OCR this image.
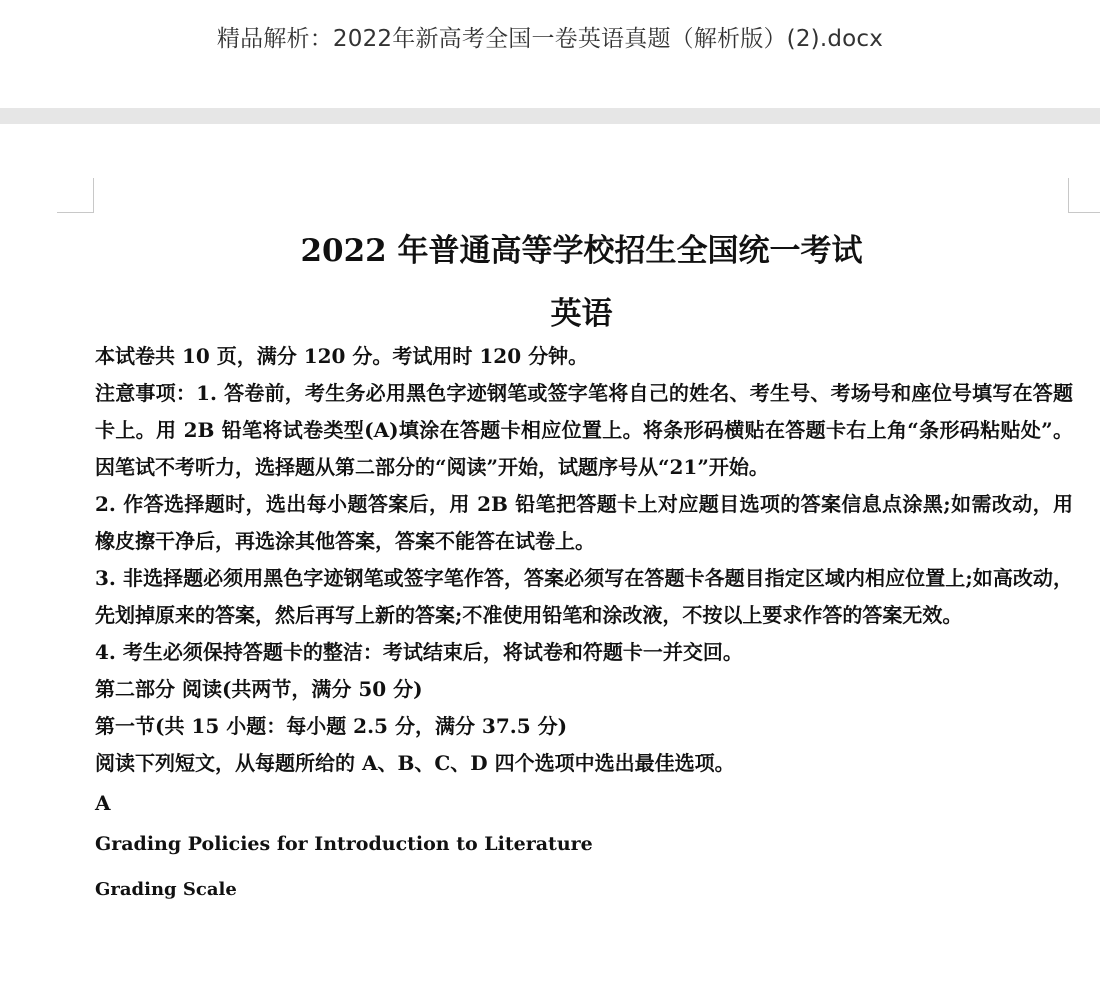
精品解析：2022年新高考全国一卷英语真题（解析版）(2).docx
2022 年普通高等学校招生全国统一考试
英语

本试卷共 10 页，满分 120 分。考试用时 120 分钟。

注意事项：1. 答卷前，考生务必用黑色字迹钢笔或签字笔将自己的姓名、考生号、考场号和座位号填写在答题卡上。用 2B 铅笔将试卷类型(A)填涂在答题卡相应位置上。将条形码横贴在答题卡右上角“条形码粘贴处”。因笔试不考听力，选择题从第二部分的“阅读”开始，试题序号从“21”开始。

2. 作答选择题时，选出每小题答案后，用 2B 铅笔把答题卡上对应题目选项的答案信息点涂黑;如需改动，用橡皮擦干净后，再选涂其他答案，答案不能答在试卷上。

3. 非选择题必须用黑色字迹钢笔或签字笔作答，答案必须写在答题卡各题目指定区域内相应位置上;如高改动，先划掉原来的答案，然后再写上新的答案;不准使用铅笔和涂改液，不按以上要求作答的答案无效。

4. 考生必须保持答题卡的整洁：考试结束后，将试卷和符题卡一并交回。

第二部分 阅读(共两节，满分 50 分)

第一节(共 15 小题：每小题 2.5 分，满分 37.5 分)

阅读下列短文，从每题所给的 A、B、C、D 四个选项中选出最佳选项。

A

Grading Policies for Introduction to Literature

Grading Scale
